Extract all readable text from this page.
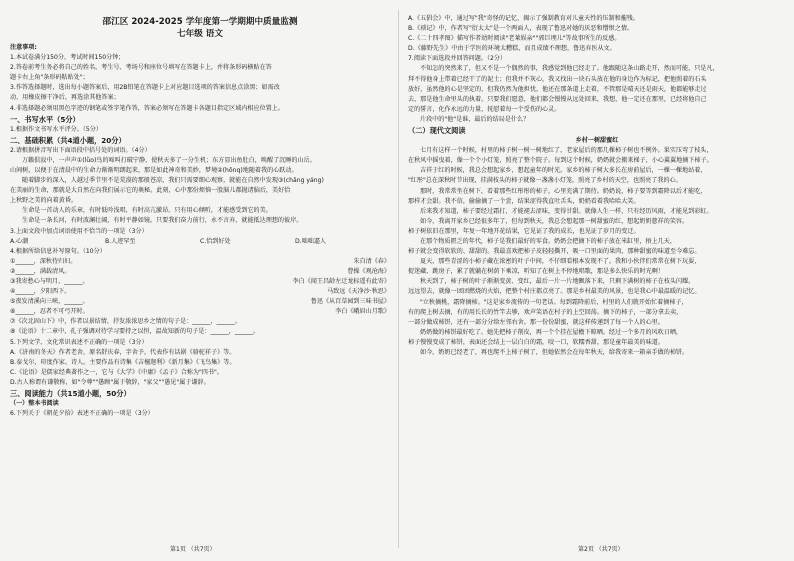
邵江区 2024-2025 学年度第一学期期中质量监测
七年级 语文
注意事项:
1.本试卷满分150分，考试时间150分钟；
2.答卷前考生务必将自己的姓名、考生号、考场号和座位号填写在答题卡上，并将条形码横贴在答
题卡右上角"条形码粘贴处"；
3.作答选择题时，选出每小题答案后，用2B铅笔在答题卡上对应题目选项的答案信息点涂黑；如需改
动，用橡皮擦干净后，再选涂其他答案；
4.非选择题必须用黑色字迹的钢笔或签字笔作答，答案必须写在答题卡各题目指定区域内相应位置上。
一、书写水平（5分）
1.根据作文书写水平评分。（5分）
二、基础积累（共4道小题，20分）
2.请根据拼音写出下面语段中括号处的词语。（4分）
万籁俱寂中，一声声①(lǜo)鸟的啼叫打破宁静，使秋天多了一分生机；东方显出鱼肚白，唤醒了沉睡的山岳。
山间树，以便于在清晨中的生命力渐渐明朗起来，那是如此神奇和美妙，梦境②(hōnq)地随着我的心跃动。
随着脚步的深入，人越过季节里不是荒漠的那般苍凉，我们只需要细心观察，就能在自然中发现③(chǎng yáng)
在美丽的生命，那就是大自然在向我们展示它的奥秘。此刻，心中那份烦恼一股脑儿都抛诸脑后，美好恰
上秋野之美的向着黄昏。
生命是一首动人的乐章，有时低吟浅唱，有时高亢激昂。只有用心倾听，才能感受到它的美。
生命是一条长河，有时波澜壮阔，有时平静如镜。只要我们奋力前行，永不言弃，就能抵达理想的彼岸。
3.上面文段中加点词语使用不恰当的一项是（3分）
A.心潮	B.人迹罕至	C.恰到好处	D.咄咄逼人
4.根据所给信息补写原句。（10分）
①______，深秋待归妇。	朱自清《春》
②______，满载清风。	曹操《观沧海》
③我寄愁心与明月，______。	李白《闻王昌龄左迁龙标遥有此寄》
④______，夕阳西下。	马致远《天净沙·秋思》
⑤夜发清溪向三峡，______。	鲁迅《从百草园到三味书屋》
⑥______，忍者不可弓开时。	李白《峨眉山月歌》
⑦《次北固山下》中，作者以景结情，抒发浓浓思乡之情的句子是：______，______。
⑧《论语》十二章中，孔子强调对待学习要持之以恒，温故知新的句子是：______，______。
5.下列文学、文化常识表述不正确的一项是（3分）
A.《济南的冬天》作者老舍，原名舒庆春，字舍予，代表作有话剧《骆驼祥子》等。
B.泰戈尔，印度作家、诗人。主要作品有诗集《吉檀迦利》《新月集》《飞鸟集》等。
C.《论语》是儒家经典著作之一，它与《大学》《中庸》《孟子》合称为"四书"。
D.古人称谓有谦敬称，如"令尊""愚顾"属于敬辞，"家父""愚见"属于谦辞。
三、阅读能力（共15道小题，50分）
（一）整本书阅读
6.下列关于《朝花夕拾》表述不正确的一项是（3分）
A.《五猖会》中，通过写"我"奇怪的记忆，揭示了强制教育对儿童天性的压制和摧残。
B.《琐记》中，作者写"衍太太"是一个两面人，表现了鲁迅对她的厌恶和憎恨之情。
C.《二十四孝图》描写作者幼时阅读"老莱娱亲""郭巨埋儿"等故事所生的反感。
D.《藤野先生》中由于学医的环境太糟糕，而且成绩不理想，鲁迅弃医从文。
7.阅读下面选段并回答问题。（2分）
不知怎的突然来了，但又不是一个偶然的事，我感觉到他已经走了。他跟随这条山路走开，然而可能，只是凡，
拜不得他身上带着已经干了的泥土；但我并不灰心，我又找出一块石头放在他的身边作为标记，把他照着的石头
放好，虽然他的心是坚定的，但我仍然为他担忧，他还在那条道上走着，不管那是晴天还是雨天，他都能够走过
去，那是他生命里头的执着。只要我们愿意，他们都会慢慢从远处回来，我想，他一定还在那里，已经将他自己
定的誓言，化作永远的力量，抚慰着每一个受伤的心灵。
片段中的"他"是谁，最后的结局是什么？
（二）现代文阅读
乡村一树甜蜜红
七月有这样一个时候，村里的柿子树一树一树地红了，老家屋后的那几棵柿子树也不例外。果实压弯了枝头，
在秋风中摇曳着，像一个个小灯笼，照亮了整个院子。每到这个时候，奶奶就会搬来梯子，小心翼翼地摘下柿子。
吉祥于红的时候，我总会想起家乡，想起童年的时光。家乡的柿子树大多长在房前屋后，一棵一棵地站着，
"红彤"总在深秋时节出现，挂满枝头的柿子就像一盏盏小灯笼，照亮了乡村的天空，也照亮了我的心。
那时，我常常坐在树下，看着那些红彤彤的柿子，心里充满了期待。奶奶说，柿子要等到霜降以后才能吃，
那样才会甜。我不信，偷偷摘了一个尝，结果涩得我直吐舌头，奶奶看着我哈哈大笑。
后来我才知道，柿子要经过霜打，才能褪去涩味，变得甘甜。就像人生一样，只有经历风雨，才能见到彩虹。
如今，我离开家乡已经很多年了，但每到秋天，我总会想起那一树甜蜜的红，想起奶奶慈祥的笑容。
柿子树依旧在那里，年复一年地开花结果，它见证了我的成长，也见证了岁月的变迁。
在那个物质匮乏的年代，柿子是我们最好的零食。奶奶会把摘下的柿子放在米缸里，捂上几天，
柿子就会变得软软的、甜甜的。我最喜欢把柿子皮轻轻撕开，吸一口里面的果肉，那种甜蜜的味道至今难忘。
夏天，那些青涩的小柿子藏在浓密的叶子中间，不仔细看根本发现不了。我和小伙伴们常常在树下玩耍，
捉迷藏、跳房子，累了就躺在树荫下乘凉，听知了在树上不停地唱歌，那是多么快乐的时光啊！
秋天到了，柿子树的叶子渐渐变黄、变红，最后一片一片地飘落下来，只剩下满树的柿子在枝头闪耀。
远远望去，就像一团团燃烧的火焰，把整个村庄都点亮了。那是乡村最美的风景，也是我心中最温暖的记忆。
"立秋摘桃，霜降摘柿。"这是家乡流传的一句老话。每到霜降前后，村里的人们就开始忙着摘柿子，
有的爬上树去摘，有的用长长的竹竿去够，欢声笑语在村子的上空回荡。摘下的柿子，一部分拿去卖，
一部分做成柿饼，还有一部分分给左邻右舍。那一份份甜蜜，就这样传递到了每一个人的心里。
奶奶做的柿饼最好吃了。她先把柿子削皮，再一个个挂在屋檐下晾晒。经过一个多月的风吹日晒，
柿子慢慢变成了柿饼，表面还会结上一层白白的霜，咬一口，软糯香甜，那是童年最美的味道。
如今，奶奶已经老了，再也爬不上柿子树了，但她依然会在每年秋天，给我寄来一箱亲手做的柿饼。
第1页 （共7页）	第2页 （共7页）
